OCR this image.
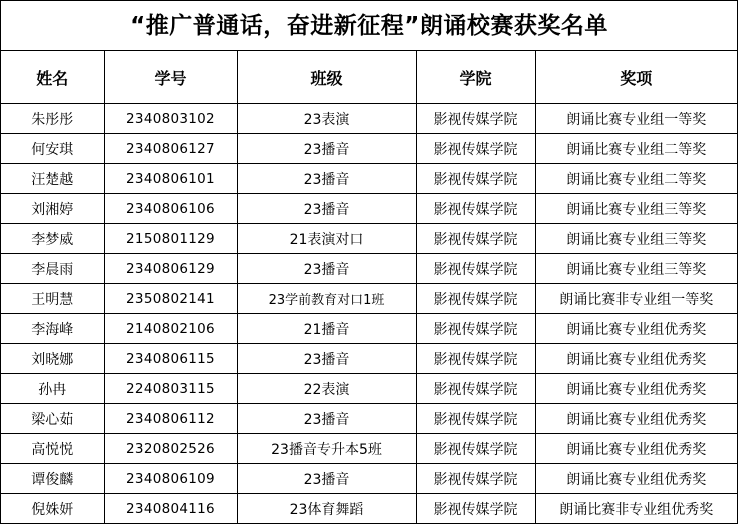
“推广普通话，奋进新征程”朗诵校赛获奖名单
姓名	学号	班级	学院	奖项
朱彤彤	2340803102	23表演	影视传媒学院	朗诵比赛专业组一等奖
何安琪	2340806127	23播音	影视传媒学院	朗诵比赛专业组二等奖
汪楚越	2340806101	23播音	影视传媒学院	朗诵比赛专业组二等奖
刘湘婷	2340806106	23播音	影视传媒学院	朗诵比赛专业组三等奖
李梦威	2150801129	21表演对口	影视传媒学院	朗诵比赛专业组三等奖
李晨雨	2340806129	23播音	影视传媒学院	朗诵比赛专业组三等奖
王明慧	2350802141	23学前教育对口1班	影视传媒学院	朗诵比赛非专业组一等奖
李海峰	2140802106	21播音	影视传媒学院	朗诵比赛专业组优秀奖
刘晓娜	2340806115	23播音	影视传媒学院	朗诵比赛专业组优秀奖
孙冉	2240803115	22表演	影视传媒学院	朗诵比赛专业组优秀奖
梁心茹	2340806112	23播音	影视传媒学院	朗诵比赛专业组优秀奖
高悦悦	2320802526	23播音专升本5班	影视传媒学院	朗诵比赛专业组优秀奖
谭俊麟	2340806109	23播音	影视传媒学院	朗诵比赛专业组优秀奖
倪姝妍	2340804116	23体育舞蹈	影视传媒学院	朗诵比赛非专业组优秀奖
